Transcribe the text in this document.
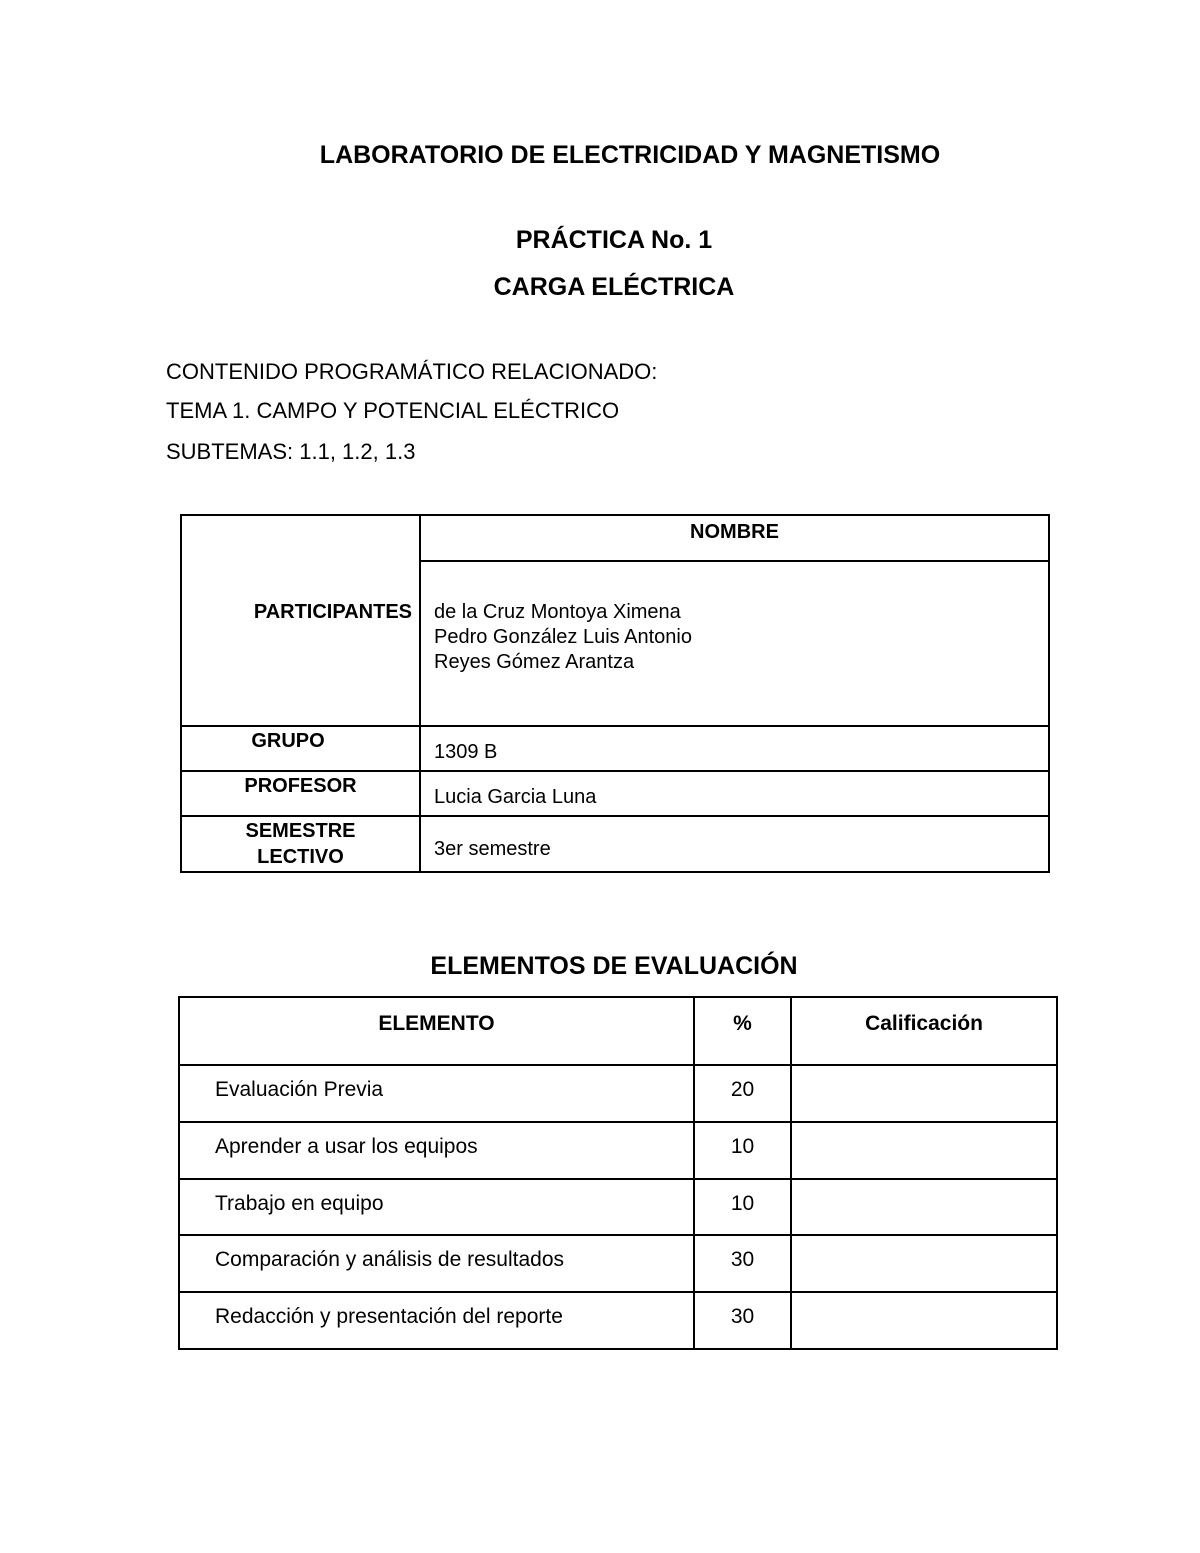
LABORATORIO DE ELECTRICIDAD Y MAGNETISMO
PRÁCTICA No. 1
CARGA ELÉCTRICA
CONTENIDO PROGRAMÁTICO RELACIONADO:
TEMA 1. CAMPO Y POTENCIAL ELÉCTRICO
SUBTEMAS: 1.1, 1.2, 1.3
PARTICIPANTES	NOMBRE

	de la Cruz Montoya Ximena
Pedro González Luis Antonio
Reyes Gómez Arantza

GRUPO	1309 B
PROFESOR	Lucia Garcia Luna

SEMESTRE
LECTIVO	3er semestre
ELEMENTOS DE EVALUACIÓN
ELEMENTO	%	Calificación
Evaluación Previa	20	
Aprender a usar los equipos	10	
Trabajo en equipo	10	
Comparación y análisis de resultados	30	
Redacción y presentación del reporte	30	
